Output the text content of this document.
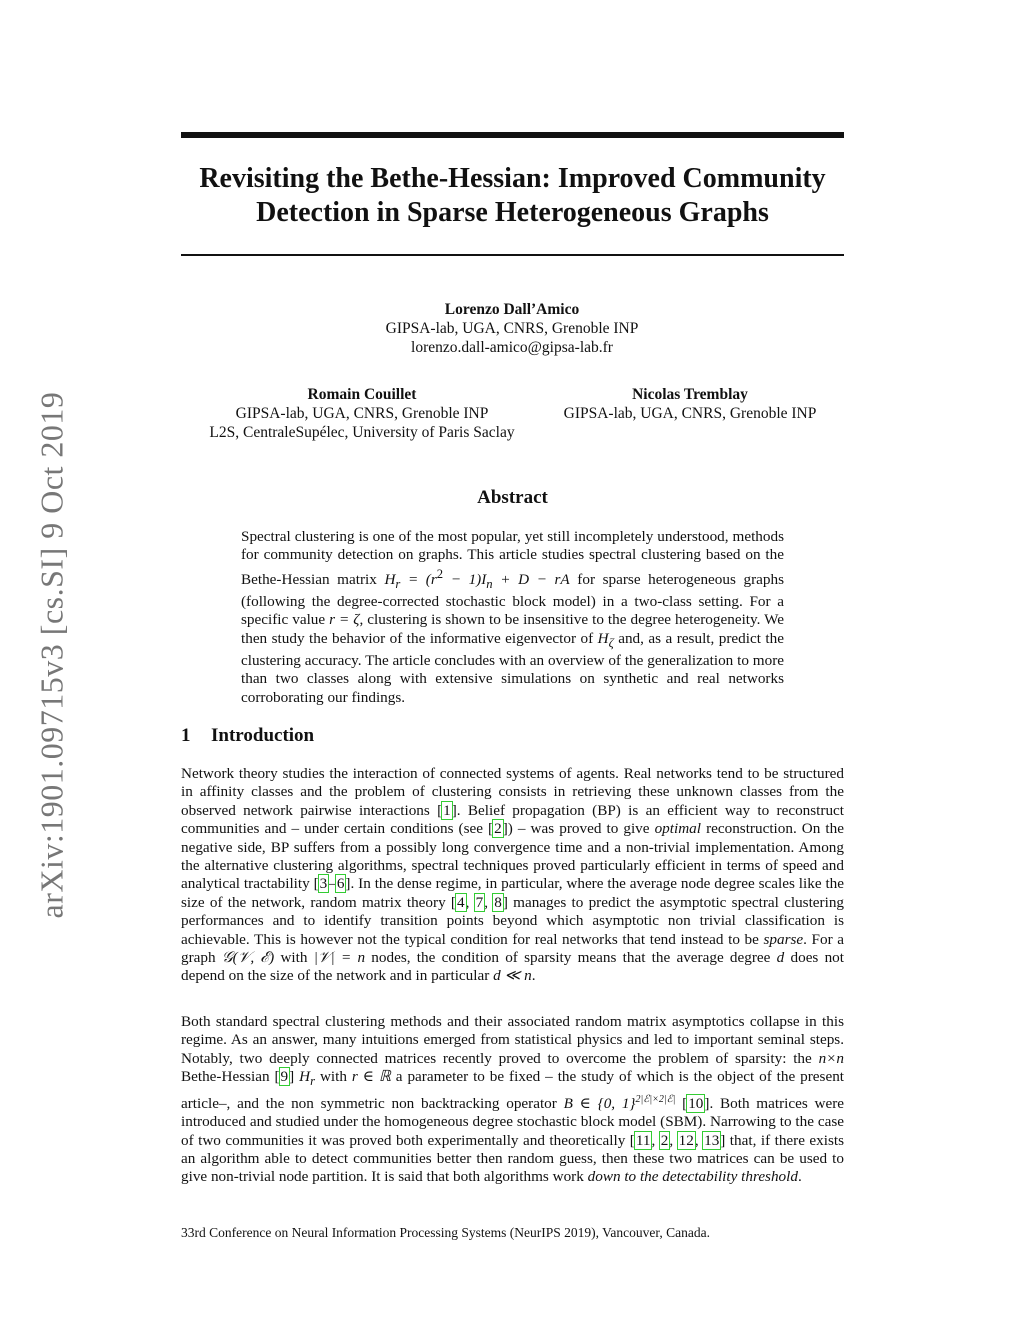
arXiv:1901.09715v3 [cs.SI] 9 Oct 2019
Revisiting the Bethe-Hessian: Improved Community Detection in Sparse Heterogeneous Graphs
Lorenzo Dall’Amico
GIPSA-lab, UGA, CNRS, Grenoble INP
lorenzo.dall-amico@gipsa-lab.fr
Romain Couillet
GIPSA-lab, UGA, CNRS, Grenoble INP
L2S, CentraleSupélec, University of Paris Saclay
Nicolas Tremblay
GIPSA-lab, UGA, CNRS, Grenoble INP
Abstract
Spectral clustering is one of the most popular, yet still incompletely understood, methods for community detection on graphs. This article studies spectral clustering based on the Bethe-Hessian matrix $H_r = (r^2 - 1)I_n + D$ − rA for sparse heterogeneous graphs (following the degree-corrected stochastic block model) in a two-class setting. For a specific value r = ζ, clustering is shown to be insensitive to the degree heterogeneity. We then study the behavior of the informative eigenvector of $H_\zeta$ and, as a result, predict the clustering accuracy. The article concludes with an overview of the generalization to more than two classes along with extensive simulations on synthetic and real networks corroborating our findings.
1 Introduction
Network theory studies the interaction of connected systems of agents. Real networks tend to be structured in affinity classes and the problem of clustering consists in retrieving these unknown classes from the observed network pairwise interactions [1]. Belief propagation (BP) is an efficient way to reconstruct communities and – under certain conditions (see [2]) – was proved to give optimal reconstruction. On the negative side, BP suffers from a possibly long convergence time and a non-trivial implementation. Among the alternative clustering algorithms, spectral techniques proved particularly efficient in terms of speed and analytical tractability [3–6]. In the dense regime, in particular, where the average node degree scales like the size of the network, random matrix theory [4, 7, 8] manages to predict the asymptotic spectral clustering performances and to identify transition points beyond which asymptotic non trivial classification is achievable. This is however not the typical condition for real networks that tend instead to be sparse. For a graph 𝒢(𝒱, ℰ) with |𝒱| = n nodes, the condition of sparsity means that the average degree d does not depend on the size of the network and in particular d ≪ n.
Both standard spectral clustering methods and their associated random matrix asymptotics collapse in this regime. As an answer, many intuitions emerged from statistical physics and led to important seminal steps. Notably, two deeply connected matrices recently proved to overcome the problem of sparsity: the n×n Bethe-Hessian [9] $H_r$ with r ∈ ℝ a parameter to be fixed – the study of which is the object of the present article–, and the non symmetric non backtracking operator B ∈ {0, 1}$^{2|ℰ|\times 2|ℰ|}$ [10]. Both matrices were introduced and studied under the homogeneous degree stochastic block model (SBM). Narrowing to the case of two communities it was proved both experimentally and theoretically [11, 2, 12, 13] that, if there exists an algorithm able to detect communities better then random guess, then these two matrices can be used to give non-trivial node partition. It is said that both algorithms work down to the detectability threshold.
33rd Conference on Neural Information Processing Systems (NeurIPS 2019), Vancouver, Canada.
